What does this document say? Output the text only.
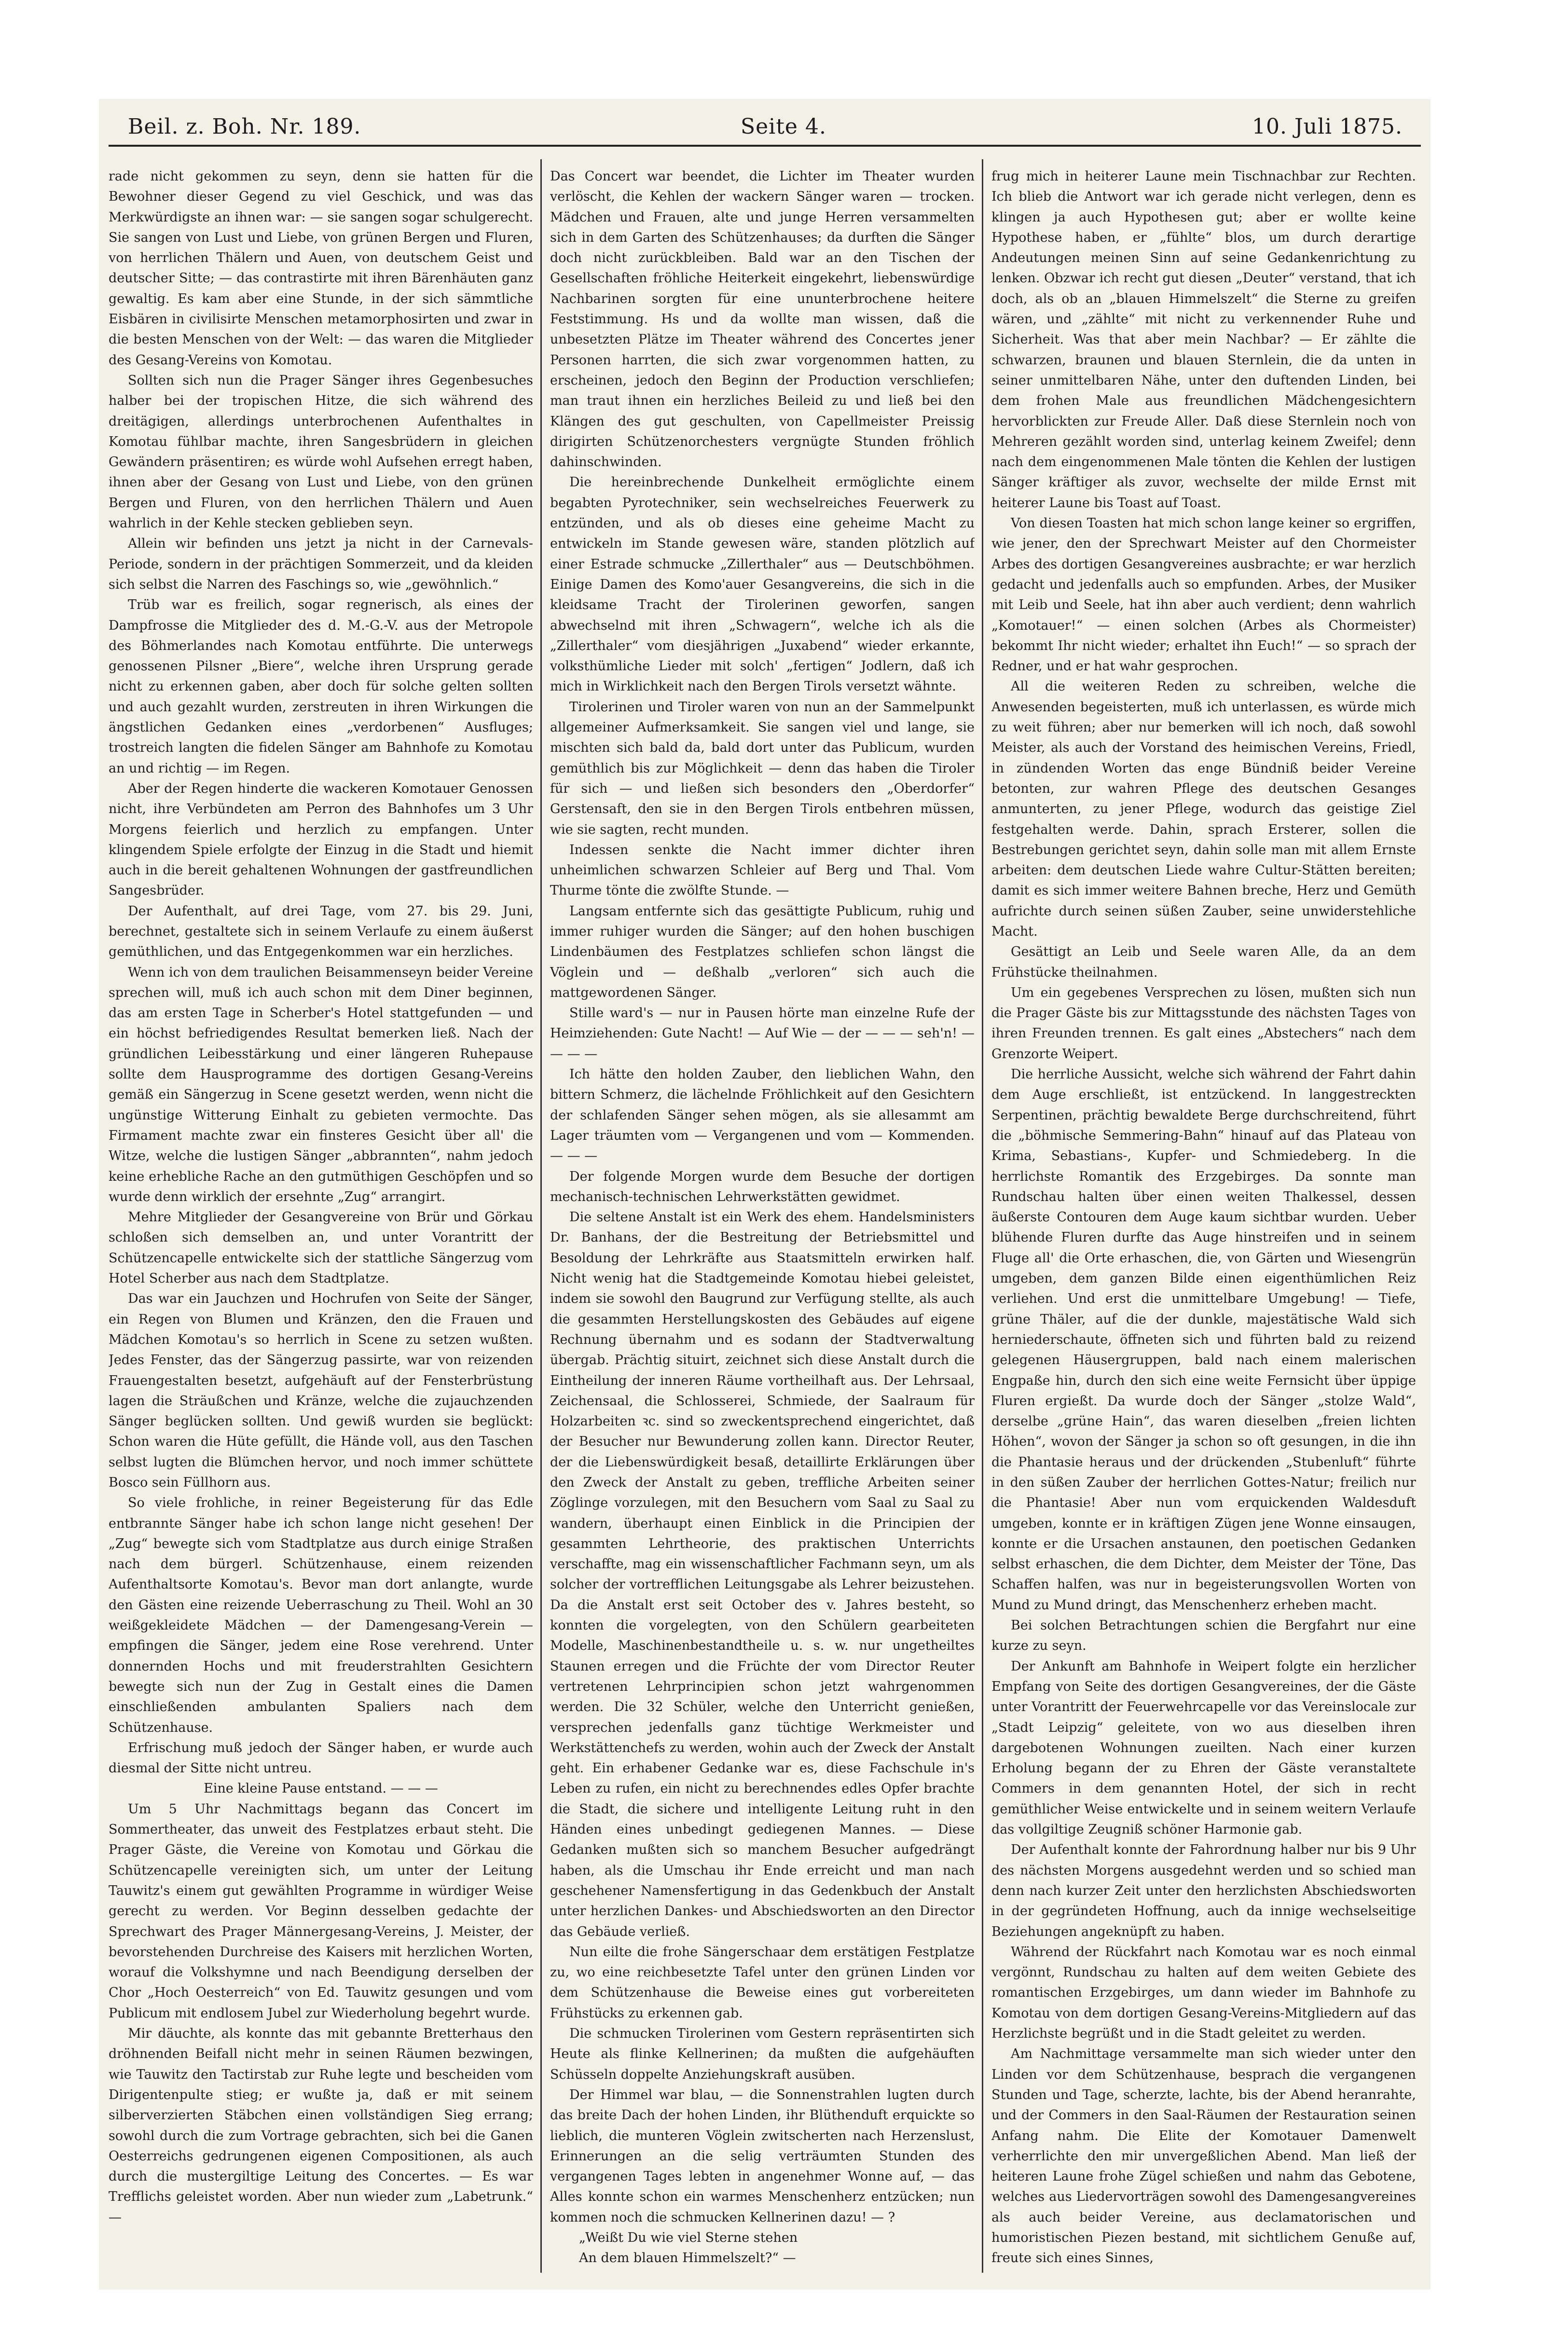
Beil. z. Boh. Nr. 189.	Seite 4.	10. Juli 1875.

rade nicht gekommen zu seyn, denn sie hatten für die Bewohner dieser Gegend zu viel Geschick, und was das Merkwürdigste an ihnen war: — sie sangen sogar schulgerecht. Sie sangen von Lust und Liebe, von grünen Bergen und Fluren, von herrlichen Thälern und Auen, von deutschem Geist und deutscher Sitte; — das contrastirte mit ihren Bärenhäuten ganz gewaltig. Es kam aber eine Stunde, in der sich sämmtliche Eisbären in civilisirte Menschen metamorphosirten und zwar in die besten Menschen von der Welt: — das waren die Mitglieder des Gesang-Vereins von Komotau.

Sollten sich nun die Prager Sänger ihres Gegenbesuches halber bei der tropischen Hitze, die sich während des dreitägigen, allerdings unterbrochenen Aufenthaltes in Komotau fühlbar machte, ihren Sangesbrüdern in gleichen Gewändern präsentiren; es würde wohl Aufsehen erregt haben, ihnen aber der Gesang von Lust und Liebe, von den grünen Bergen und Fluren, von den herrlichen Thälern und Auen wahrlich in der Kehle stecken geblieben seyn.

Allein wir befinden uns jetzt ja nicht in der Carnevals-Periode, sondern in der prächtigen Sommerzeit, und da kleiden sich selbst die Narren des Faschings so, wie „gewöhnlich.“

Trüb war es freilich, sogar regnerisch, als eines der Dampfrosse die Mitglieder des d. M.-G.-V. aus der Metropole des Böhmerlandes nach Komotau entführte. Die unterwegs genossenen Pilsner „Biere“, welche ihren Ursprung gerade nicht zu erkennen gaben, aber doch für solche gelten sollten und auch gezahlt wurden, zerstreuten in ihren Wirkungen die ängstlichen Gedanken eines „verdorbenen“ Ausfluges; trostreich langten die fidelen Sänger am Bahnhofe zu Komotau an und richtig — im Regen.

Aber der Regen hinderte die wackeren Komotauer Genossen nicht, ihre Verbündeten am Perron des Bahnhofes um 3 Uhr Morgens feierlich und herzlich zu empfangen. Unter klingendem Spiele erfolgte der Einzug in die Stadt und hiemit auch in die bereit gehaltenen Wohnungen der gastfreundlichen Sangesbrüder.

Der Aufenthalt, auf drei Tage, vom 27. bis 29. Juni, berechnet, gestaltete sich in seinem Verlaufe zu einem äußerst gemüthlichen, und das Entgegenkommen war ein herzliches.

Wenn ich von dem traulichen Beisammenseyn beider Vereine sprechen will, muß ich auch schon mit dem Diner beginnen, das am ersten Tage in Scherber's Hotel stattgefunden — und ein höchst befriedigendes Resultat bemerken ließ. Nach der gründlichen Leibesstärkung und einer längeren Ruhepause sollte dem Hausprogramme des dortigen Gesang-Vereins gemäß ein Sängerzug in Scene gesetzt werden, wenn nicht die ungünstige Witterung Einhalt zu gebieten vermochte. Das Firmament machte zwar ein finsteres Gesicht über all' die Witze, welche die lustigen Sänger „abbrannten“, nahm jedoch keine erhebliche Rache an den gutmüthigen Geschöpfen und so wurde denn wirklich der ersehnte „Zug“ arrangirt.

Mehre Mitglieder der Gesangvereine von Brür und Görkau schloßen sich demselben an, und unter Vorantritt der Schützencapelle entwickelte sich der stattliche Sängerzug vom Hotel Scherber aus nach dem Stadtplatze.

Das war ein Jauchzen und Hochrufen von Seite der Sänger, ein Regen von Blumen und Kränzen, den die Frauen und Mädchen Komotau's so herrlich in Scene zu setzen wußten. Jedes Fenster, das der Sängerzug passirte, war von reizenden Frauengestalten besetzt, aufgehäuft auf der Fensterbrüstung lagen die Sträußchen und Kränze, welche die zujauchzenden Sänger beglücken sollten. Und gewiß wurden sie beglückt: Schon waren die Hüte gefüllt, die Hände voll, aus den Taschen selbst lugten die Blümchen hervor, und noch immer schüttete Bosco sein Füllhorn aus.

So viele frohliche, in reiner Begeisterung für das Edle entbrannte Sänger habe ich schon lange nicht gesehen! Der „Zug“ bewegte sich vom Stadtplatze aus durch einige Straßen nach dem bürgerl. Schützenhause, einem reizenden Aufenthaltsorte Komotau's. Bevor man dort anlangte, wurde den Gästen eine reizende Ueberraschung zu Theil. Wohl an 30 weißgekleidete Mädchen — der Damengesang-Verein — empfingen die Sänger, jedem eine Rose verehrend. Unter donnernden Hochs und mit freuderstrahlten Gesichtern bewegte sich nun der Zug in Gestalt eines die Damen einschließenden ambulanten Spaliers nach dem Schützenhause.

Erfrischung muß jedoch der Sänger haben, er wurde auch diesmal der Sitte nicht untreu.

Eine kleine Pause entstand. — — —

Um 5 Uhr Nachmittags begann das Concert im Sommertheater, das unweit des Festplatzes erbaut steht. Die Prager Gäste, die Vereine von Komotau und Görkau die Schützencapelle vereinigten sich, um unter der Leitung Tauwitz's einem gut gewählten Programme in würdiger Weise gerecht zu werden. Vor Beginn desselben gedachte der Sprechwart des Prager Männergesang-Vereins, J. Meister, der bevorstehenden Durchreise des Kaisers mit herzlichen Worten, worauf die Volkshymne und nach Beendigung derselben der Chor „Hoch Oesterreich“ von Ed. Tauwitz gesungen und vom Publicum mit endlosem Jubel zur Wiederholung begehrt wurde.

Mir däuchte, als konnte das mit gebannte Bretterhaus den dröhnenden Beifall nicht mehr in seinen Räumen bezwingen, wie Tauwitz den Tactirstab zur Ruhe legte und bescheiden vom Dirigentenpulte stieg; er wußte ja, daß er mit seinem silberverzierten Stäbchen einen vollständigen Sieg errang; sowohl durch die zum Vortrage gebrachten, sich bei die Ganen Oesterreichs gedrungenen eigenen Compositionen, als auch durch die mustergiltige Leitung des Concertes. — Es war Trefflichs geleistet worden. Aber nun wieder zum „Labetrunk.“ —

Das Concert war beendet, die Lichter im Theater wurden verlöscht, die Kehlen der wackern Sänger waren — trocken. Mädchen und Frauen, alte und junge Herren versammelten sich in dem Garten des Schützenhauses; da durften die Sänger doch nicht zurückbleiben. Bald war an den Tischen der Gesellschaften fröhliche Heiterkeit eingekehrt, liebenswürdige Nachbarinen sorgten für eine ununterbrochene heitere Feststimmung. Hs und da wollte man wissen, daß die unbesetzten Plätze im Theater während des Concertes jener Personen harrten, die sich zwar vorgenommen hatten, zu erscheinen, jedoch den Beginn der Production verschliefen; man traut ihnen ein herzliches Beileid zu und ließ bei den Klängen des gut geschulten, von Capellmeister Preissig dirigirten Schützenorchesters vergnügte Stunden fröhlich dahinschwinden.

Die hereinbrechende Dunkelheit ermöglichte einem begabten Pyrotechniker, sein wechselreiches Feuerwerk zu entzünden, und als ob dieses eine geheime Macht zu entwickeln im Stande gewesen wäre, standen plötzlich auf einer Estrade schmucke „Zillerthaler“ aus — Deutschböhmen. Einige Damen des Komo'auer Gesangvereins, die sich in die kleidsame Tracht der Tirolerinen geworfen, sangen abwechselnd mit ihren „Schwagern“, welche ich als die „Zillerthaler“ vom diesjährigen „Juxabend“ wieder erkannte, volksthümliche Lieder mit solch' „fertigen“ Jodlern, daß ich mich in Wirklichkeit nach den Bergen Tirols versetzt wähnte.

Tirolerinen und Tiroler waren von nun an der Sammelpunkt allgemeiner Aufmerksamkeit. Sie sangen viel und lange, sie mischten sich bald da, bald dort unter das Publicum, wurden gemüthlich bis zur Möglichkeit — denn das haben die Tiroler für sich — und ließen sich besonders den „Oberdorfer“ Gerstensaft, den sie in den Bergen Tirols entbehren müssen, wie sie sagten, recht munden.

Indessen senkte die Nacht immer dichter ihren unheimlichen schwarzen Schleier auf Berg und Thal. Vom Thurme tönte die zwölfte Stunde. —

Langsam entfernte sich das gesättigte Publicum, ruhig und immer ruhiger wurden die Sänger; auf den hohen buschigen Lindenbäumen des Festplatzes schliefen schon längst die Vöglein und — deßhalb „verloren“ sich auch die mattgewordenen Sänger.

Stille ward's — nur in Pausen hörte man einzelne Rufe der Heimziehenden: Gute Nacht! — Auf Wie — der — — — seh'n! — — — —

Ich hätte den holden Zauber, den lieblichen Wahn, den bittern Schmerz, die lächelnde Fröhlichkeit auf den Gesichtern der schlafenden Sänger sehen mögen, als sie allesammt am Lager träumten vom — Vergangenen und vom — Kommenden. — — —

Der folgende Morgen wurde dem Besuche der dortigen mechanisch-technischen Lehrwerkstätten gewidmet.

Die seltene Anstalt ist ein Werk des ehem. Handelsministers Dr. Banhans, der die Bestreitung der Betriebsmittel und Besoldung der Lehrkräfte aus Staatsmitteln erwirken half. Nicht wenig hat die Stadtgemeinde Komotau hiebei geleistet, indem sie sowohl den Baugrund zur Verfügung stellte, als auch die gesammten Herstellungskosten des Gebäudes auf eigene Rechnung übernahm und es sodann der Stadtverwaltung übergab. Prächtig situirt, zeichnet sich diese Anstalt durch die Eintheilung der inneren Räume vortheilhaft aus. Der Lehrsaal, Zeichensaal, die Schlosserei, Schmiede, der Saalraum für Holzarbeiten ꝛc. sind so zweckentsprechend eingerichtet, daß der Besucher nur Bewunderung zollen kann. Director Reuter, der die Liebenswürdigkeit besaß, detaillirte Erklärungen über den Zweck der Anstalt zu geben, treffliche Arbeiten seiner Zöglinge vorzulegen, mit den Besuchern vom Saal zu Saal zu wandern, überhaupt einen Einblick in die Principien der gesammten Lehrtheorie, des praktischen Unterrichts verschaffte, mag ein wissenschaftlicher Fachmann seyn, um als solcher der vortrefflichen Leitungsgabe als Lehrer beizustehen. Da die Anstalt erst seit October des v. Jahres besteht, so konnten die vorgelegten, von den Schülern gearbeiteten Modelle, Maschinenbestandtheile u. s. w. nur ungetheiltes Staunen erregen und die Früchte der vom Director Reuter vertretenen Lehrprincipien schon jetzt wahrgenommen werden. Die 32 Schüler, welche den Unterricht genießen, versprechen jedenfalls ganz tüchtige Werkmeister und Werkstättenchefs zu werden, wohin auch der Zweck der Anstalt geht. Ein erhabener Gedanke war es, diese Fachschule in's Leben zu rufen, ein nicht zu berechnendes edles Opfer brachte die Stadt, die sichere und intelligente Leitung ruht in den Händen eines unbedingt gediegenen Mannes. — Diese Gedanken mußten sich so manchem Besucher aufgedrängt haben, als die Umschau ihr Ende erreicht und man nach geschehener Namensfertigung in das Gedenkbuch der Anstalt unter herzlichen Dankes- und Abschiedsworten an den Director das Gebäude verließ.

Nun eilte die frohe Sängerschaar dem erstätigen Festplatze zu, wo eine reichbesetzte Tafel unter den grünen Linden vor dem Schützenhause die Beweise eines gut vorbereiteten Frühstücks zu erkennen gab.

Die schmucken Tirolerinen vom Gestern repräsentirten sich Heute als flinke Kellnerinen; da mußten die aufgehäuften Schüsseln doppelte Anziehungskraft ausüben.

Der Himmel war blau, — die Sonnenstrahlen lugten durch das breite Dach der hohen Linden, ihr Blüthenduft erquickte so lieblich, die munteren Vöglein zwitscherten nach Herzenslust, Erinnerungen an die selig verträumten Stunden des vergangenen Tages lebten in angenehmer Wonne auf, — das Alles konnte schon ein warmes Menschenherz entzücken; nun kommen noch die schmucken Kellnerinen dazu! — ?

„Weißt Du wie viel Sterne stehen

An dem blauen Himmelszelt?“ —

frug mich in heiterer Laune mein Tischnachbar zur Rechten. Ich blieb die Antwort war ich gerade nicht verlegen, denn es klingen ja auch Hypothesen gut; aber er wollte keine Hypothese haben, er „fühlte“ blos, um durch derartige Andeutungen meinen Sinn auf seine Gedankenrichtung zu lenken. Obzwar ich recht gut diesen „Deuter“ verstand, that ich doch, als ob an „blauen Himmelszelt“ die Sterne zu greifen wären, und „zählte“ mit nicht zu verkennender Ruhe und Sicherheit. Was that aber mein Nachbar? — Er zählte die schwarzen, braunen und blauen Sternlein, die da unten in seiner unmittelbaren Nähe, unter den duftenden Linden, bei dem frohen Male aus freundlichen Mädchengesichtern hervorblickten zur Freude Aller. Daß diese Sternlein noch von Mehreren gezählt worden sind, unterlag keinem Zweifel; denn nach dem eingenommenen Male tönten die Kehlen der lustigen Sänger kräftiger als zuvor, wechselte der milde Ernst mit heiterer Laune bis Toast auf Toast.

Von diesen Toasten hat mich schon lange keiner so ergriffen, wie jener, den der Sprechwart Meister auf den Chormeister Arbes des dortigen Gesangvereines ausbrachte; er war herzlich gedacht und jedenfalls auch so empfunden. Arbes, der Musiker mit Leib und Seele, hat ihn aber auch verdient; denn wahrlich „Komotauer!“ — einen solchen (Arbes als Chormeister) bekommt Ihr nicht wieder; erhaltet ihn Euch!“ — so sprach der Redner, und er hat wahr gesprochen.

All die weiteren Reden zu schreiben, welche die Anwesenden begeisterten, muß ich unterlassen, es würde mich zu weit führen; aber nur bemerken will ich noch, daß sowohl Meister, als auch der Vorstand des heimischen Vereins, Friedl, in zündenden Worten das enge Bündniß beider Vereine betonten, zur wahren Pflege des deutschen Gesanges anmunterten, zu jener Pflege, wodurch das geistige Ziel festgehalten werde. Dahin, sprach Ersterer, sollen die Bestrebungen gerichtet seyn, dahin solle man mit allem Ernste arbeiten: dem deutschen Liede wahre Cultur-Stätten bereiten; damit es sich immer weitere Bahnen breche, Herz und Gemüth aufrichte durch seinen süßen Zauber, seine unwiderstehliche Macht.

Gesättigt an Leib und Seele waren Alle, da an dem Frühstücke theilnahmen.

Um ein gegebenes Versprechen zu lösen, mußten sich nun die Prager Gäste bis zur Mittagsstunde des nächsten Tages von ihren Freunden trennen. Es galt eines „Abstechers“ nach dem Grenzorte Weipert.

Die herrliche Aussicht, welche sich während der Fahrt dahin dem Auge erschließt, ist entzückend. In langgestreckten Serpentinen, prächtig bewaldete Berge durchschreitend, führt die „böhmische Semmering-Bahn“ hinauf auf das Plateau von Krima, Sebastians-, Kupfer- und Schmiedeberg. In die herrlichste Romantik des Erzgebirges. Da sonnte man Rundschau halten über einen weiten Thalkessel, dessen äußerste Contouren dem Auge kaum sichtbar wurden. Ueber blühende Fluren durfte das Auge hinstreifen und in seinem Fluge all' die Orte erhaschen, die, von Gärten und Wiesengrün umgeben, dem ganzen Bilde einen eigenthümlichen Reiz verliehen. Und erst die unmittelbare Umgebung! — Tiefe, grüne Thäler, auf die der dunkle, majestätische Wald sich herniederschaute, öffneten sich und führten bald zu reizend gelegenen Häusergruppen, bald nach einem malerischen Engpaße hin, durch den sich eine weite Fernsicht über üppige Fluren ergießt. Da wurde doch der Sänger „stolze Wald“, derselbe „grüne Hain“, das waren dieselben „freien lichten Höhen“, wovon der Sänger ja schon so oft gesungen, in die ihn die Phantasie heraus und der drückenden „Stubenluft“ führte in den süßen Zauber der herrlichen Gottes-Natur; freilich nur die Phantasie! Aber nun vom erquickenden Waldesduft umgeben, konnte er in kräftigen Zügen jene Wonne einsaugen, konnte er die Ursachen anstaunen, den poetischen Gedanken selbst erhaschen, die dem Dichter, dem Meister der Töne, Das Schaffen halfen, was nur in begeisterungsvollen Worten von Mund zu Mund dringt, das Menschenherz erheben macht.

Bei solchen Betrachtungen schien die Bergfahrt nur eine kurze zu seyn.

Der Ankunft am Bahnhofe in Weipert folgte ein herzlicher Empfang von Seite des dortigen Gesangvereines, der die Gäste unter Vorantritt der Feuerwehrcapelle vor das Vereinslocale zur „Stadt Leipzig“ geleitete, von wo aus dieselben ihren dargebotenen Wohnungen zueilten. Nach einer kurzen Erholung begann der zu Ehren der Gäste veranstaltete Commers in dem genannten Hotel, der sich in recht gemüthlicher Weise entwickelte und in seinem weitern Verlaufe das vollgiltige Zeugniß schöner Harmonie gab.

Der Aufenthalt konnte der Fahrordnung halber nur bis 9 Uhr des nächsten Morgens ausgedehnt werden und so schied man denn nach kurzer Zeit unter den herzlichsten Abschiedsworten in der gegründeten Hoffnung, auch da innige wechselseitige Beziehungen angeknüpft zu haben.

Während der Rückfahrt nach Komotau war es noch einmal vergönnt, Rundschau zu halten auf dem weiten Gebiete des romantischen Erzgebirges, um dann wieder im Bahnhofe zu Komotau von dem dortigen Gesang-Vereins-Mitgliedern auf das Herzlichste begrüßt und in die Stadt geleitet zu werden.

Am Nachmittage versammelte man sich wieder unter den Linden vor dem Schützenhause, besprach die vergangenen Stunden und Tage, scherzte, lachte, bis der Abend heranrahte, und der Commers in den Saal-Räumen der Restauration seinen Anfang nahm. Die Elite der Komotauer Damenwelt verherrlichte den mir unvergeßlichen Abend. Man ließ der heiteren Laune frohe Zügel schießen und nahm das Gebotene, welches aus Liedervorträgen sowohl des Damengesangvereines als auch beider Vereine, aus declamatorischen und humoristischen Piezen bestand, mit sichtlichem Genuße auf, freute sich eines Sinnes,
